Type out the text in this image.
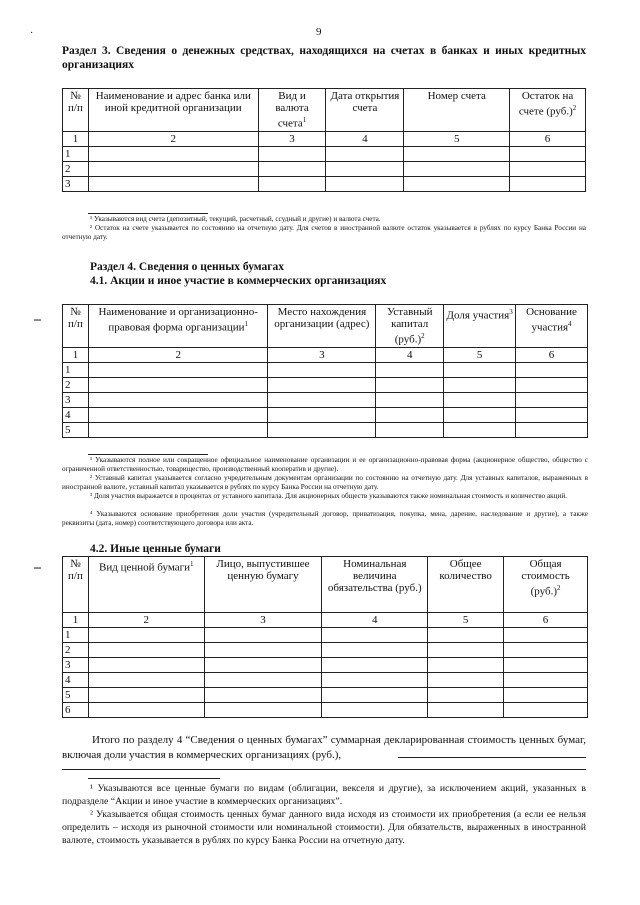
9
·
Раздел 3. Сведения о денежных средствах, находящихся на счетах в банках и иных кредитных организациях
№ п/п	Наименование и адрес банка или иной кредитной организации	Вид и валюта счета$^1$	Дата открытия счета	Номер счета	Остаток на счете $(руб.)^2$
1	2	3	4	5	6
1					
2					
3					
¹ Указываются вид счета (депозитный, текущий, расчетный, ссудный и другие) и валюта счета.
² Остаток на счете указывается по состоянию на отчетную дату. Для счетов в иностранной валюте остаток указывается в рублях по курсу Банка России на отчетную дату.
Раздел 4. Сведения о ценных бумагах
4.1. Акции и иное участие в коммерческих организациях
–	№ п/п	Наименование и организационно-правовая форма организации$^1$	Место нахождения организации (адрес)	Уставный капитал $(руб.)^2$	Доля участия$^3$	Основание участия$^4$
1	2	3	4	5	6
1					
2					
3					
4					
5					
¹ Указываются полное или сокращенное официальное наименование организации и ее организационно-правовая форма (акционерное общество, общество с ограниченной ответственностью, товарищество, производственный кооператив и другие).
² Уставный капитал указывается согласно учредительным документам организации по состоянию на отчетную дату. Для уставных капиталов, выраженных в иностранной валюте, уставный капитал указывается в рублях по курсу Банка России на отчетную дату.
³ Доля участия выражается в процентах от уставного капитала. Для акционерных обществ указываются также номинальная стоимость и количество акций.
⁴ Указываются основание приобретения доли участия (учредительный договор, приватизация, покупка, мена, дарение, наследование и другие), а также реквизиты (дата, номер) соответствующего договора или акта.
4.2. Иные ценные бумаги
–	№ п/п	Вид ценной бумаги$^1$	Лицо, выпустившее ценную бумагу	Номинальная величина обязательства (руб.)	Общее количество	Общая стоимость $(руб.)^2$
1	2	3	4	5	6
1					
2					
3					
4					
5					
6					
Итого по разделу 4 “Сведения о ценных бумагах” суммарная декларированная стоимость ценных бумаг, включая доли участия в коммерческих организациях (руб.),
¹ Указываются все ценные бумаги по видам (облигации, векселя и другие), за исключением акций, указанных в подразделе “Акции и иное участие в коммерческих организациях”.
² Указывается общая стоимость ценных бумаг данного вида исходя из стоимости их приобретения (а если ее нельзя определить – исходя из рыночной стоимости или номинальной стоимости). Для обязательств, выраженных в иностранной валюте, стоимость указывается в рублях по курсу Банка России на отчетную дату.
